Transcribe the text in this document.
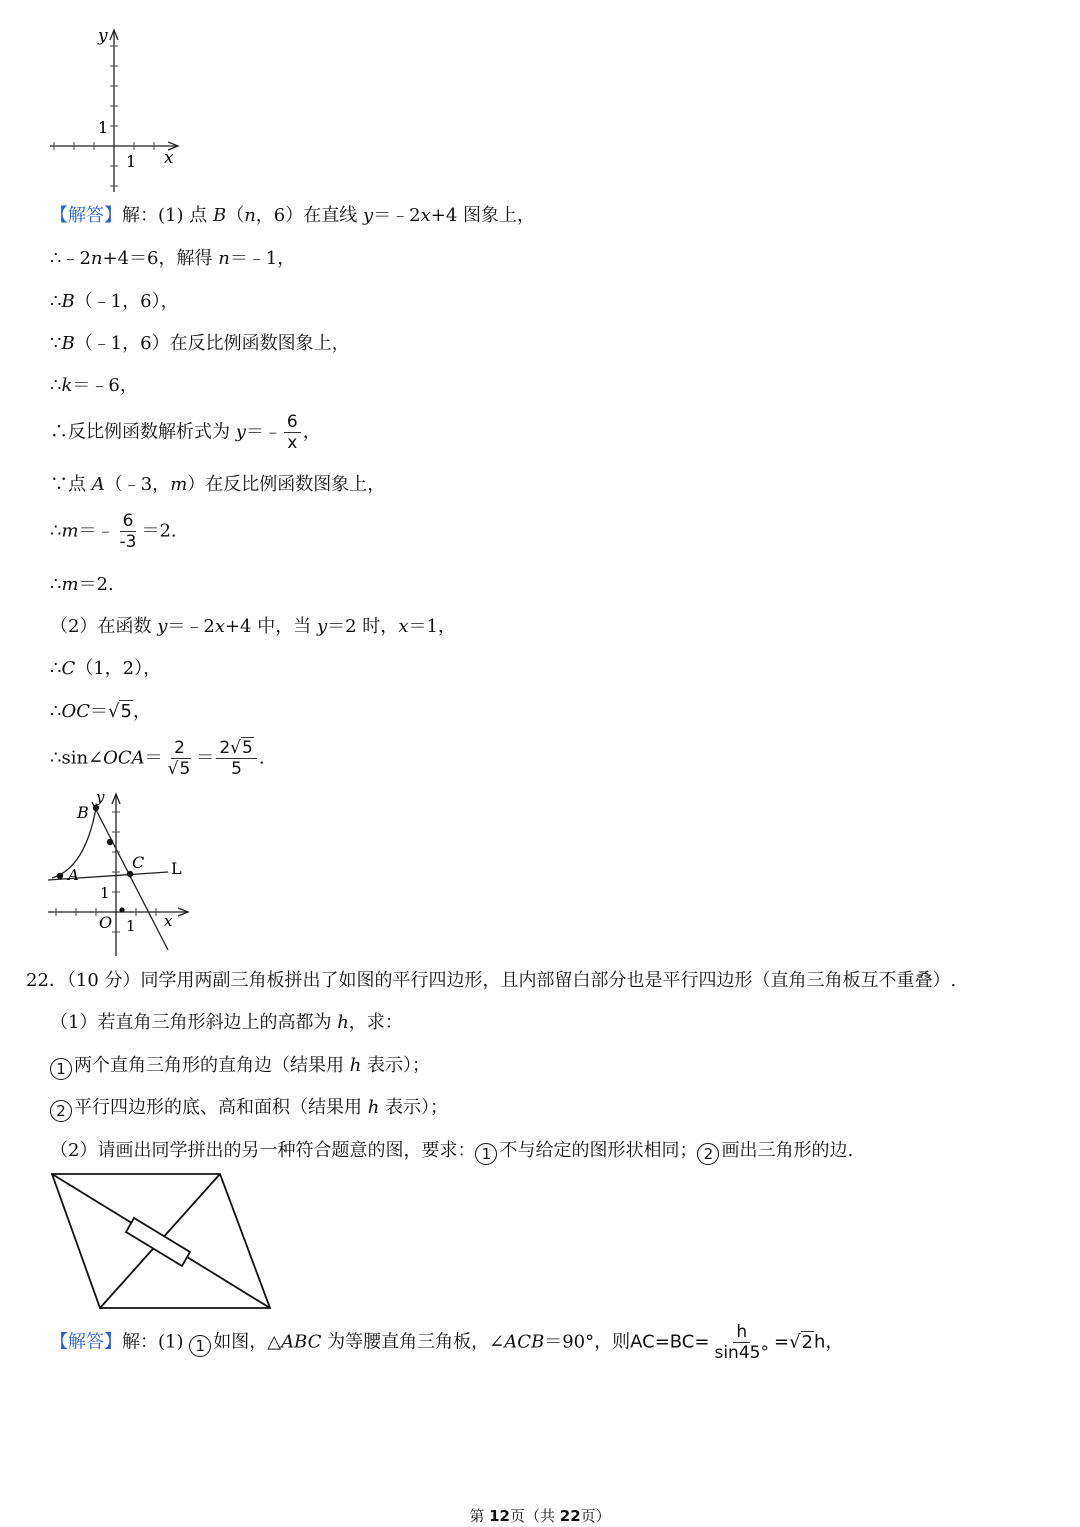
y
x
1
1
【解答】解：(1) 点 B（n，6）在直线 y＝﹣2x+4 图象上，
∴﹣2n+4＝6，解得 n＝﹣1，
∴B（﹣1，6），
∵B（﹣1，6）在反比例函数图象上，
∴k＝﹣6，
∴反比例函数解析式为 y＝﹣ $\frac{6}{x}$ ，
∵点 A（﹣3，m）在反比例函数图象上，
∴m＝﹣ $\frac{6}{-3} =2$.
∴m＝2.
（2）在函数 y＝﹣2x+4 中，当 y＝2 时，x＝1，
∴C（1，2），
∴OC＝√5，
∴sin∠OCA＝ $\frac{2}{√5} = \frac{2√5}{5}$ .
B
y
C L
A
1
O 1 x
22．（10 分）同学用两副三角板拼出了如图的平行四边形，且内部留白部分也是平行四边形（直角三角板互不重叠）.
（1）若直角三角形斜边上的高都为 h，求：
1 两个直角三角形的直角边（结果用 h 表示）；
2 平行四边形的底、高和面积（结果用 h 表示）；
（2）请画出同学拼出的另一种符合题意的图，要求： 1 不与给定的图形状相同； 2 画出三角形的边.
【解答】解：(1) 1 如图，△ABC 为等腰直角三角板，∠ACB＝90°，则$AC=BC= \frac{h}{\sin 45^\circ} =√2h$，
第 12页（共 22页）
